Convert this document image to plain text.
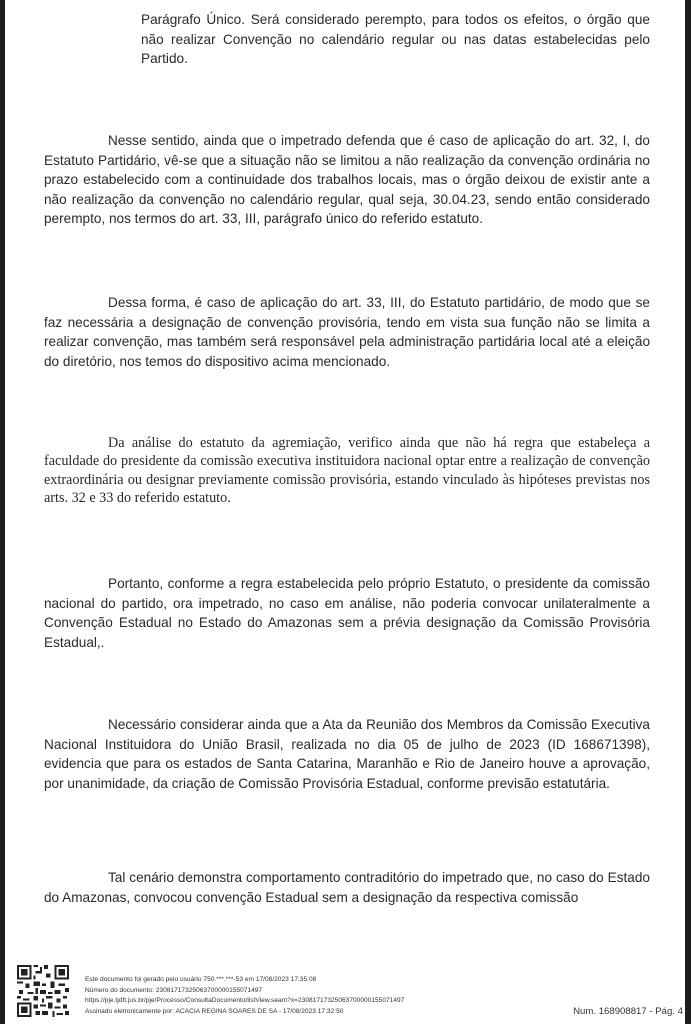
Parágrafo Único. Será considerado perempto, para todos os efeitos, o órgão que não realizar Convenção no calendário regular ou nas datas estabelecidas pelo Partido.

Nesse sentido, ainda que o impetrado defenda que é caso de aplicação do art. 32, I, do Estatuto Partidário, vê-se que a situação não se limitou a não realização da convenção ordinária no prazo estabelecido com a continuidade dos trabalhos locais, mas o órgão deixou de existir ante a não realização da convenção no calendário regular, qual seja, 30.04.23, sendo então considerado perempto, nos termos do art. 33, III, parágrafo único do referido estatuto.

Dessa forma, é caso de aplicação do art. 33, III, do Estatuto partidário, de modo que se faz necessária a designação de convenção provisória, tendo em vista sua função não se limita a realizar convenção, mas também será responsável pela administração partidária local até a eleição do diretório, nos temos do dispositivo acima mencionado.

Da análise do estatuto da agremiação, verifico ainda que não há regra que estabeleça a faculdade do presidente da comissão executiva instituidora nacional optar entre a realização de convenção extraordinária ou designar previamente comissão provisória, estando vinculado às hipóteses previstas nos arts. 32 e 33 do referido estatuto.

Portanto, conforme a regra estabelecida pelo próprio Estatuto, o presidente da comissão nacional do partido, ora impetrado, no caso em análise, não poderia convocar unilateralmente a Convenção Estadual no Estado do Amazonas sem a prévia designação da Comissão Provisória Estadual,.

Necessário considerar ainda que a Ata da Reunião dos Membros da Comissão Executiva Nacional Instituidora do União Brasil, realizada no dia 05 de julho de 2023 (ID 168671398), evidencia que para os estados de Santa Catarina, Maranhão e Rio de Janeiro houve a aprovação, por unanimidade, da criação de Comissão Provisória Estadual, conforme previsão estatutária.

Tal cenário demonstra comportamento contraditório do impetrado que, no caso do Estado do Amazonas, convocou convenção Estadual sem a designação da respectiva comissão

Este documento foi gerado pelo usuário 750.***.***-53 em 17/08/2023 17:35:08
Número do documento: 23081717325063700000155071497
https://pje.tjdft.jus.br/pje/Processo/ConsultaDocumento/listView.seam?x=23081717325063700000155071497
Assinado eletronicamente por: ACACIA REGINA SOARES DE SA - 17/08/2023 17:32:50	Num. 168908817 - Pág. 4
